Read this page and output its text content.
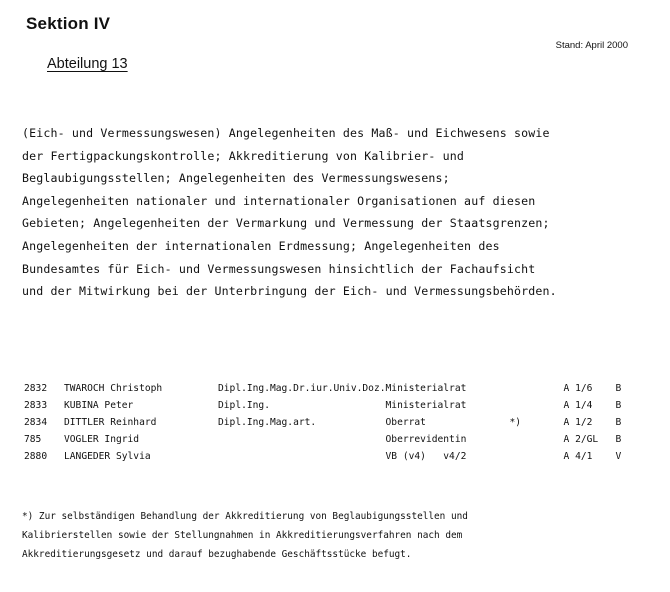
Sektion IV
Stand: April 2000
Abteilung 13
(Eich- und Vermessungswesen) Angelegenheiten des Maß- und Eichwesens sowie
der Fertigpackungskontrolle; Akkreditierung von Kalibrier- und
Beglaubigungsstellen; Angelegenheiten des Vermessungswesens;
Angelegenheiten nationaler und internationaler Organisationen auf diesen
Gebieten; Angelegenheiten der Vermarkung und Vermessung der Staatsgrenzen;
Angelegenheiten der internationalen Erdmessung; Angelegenheiten des
Bundesamtes für Eich- und Vermessungswesen hinsichtlich der Fachaufsicht
und der Mitwirkung bei der Unterbringung der Eich- und Vermessungsbehörden.
2832	TWAROCH Christoph	Dipl.Ing.Mag.Dr.iur.Univ.Doz.	Ministerialrat		A 1/6	B
2833	KUBINA Peter	Dipl.Ing.	Ministerialrat		A 1/4	B
2834	DITTLER Reinhard	Dipl.Ing.Mag.art.	Oberrat	*)	A 1/2	B
785	VOGLER Ingrid		Oberrevidentin		A 2/GL	B
2880	LANGEDER Sylvia		VB (v4)   v4/2		A 4/1	V
*) Zur selbständigen Behandlung der Akkreditierung von Beglaubigungsstellen und
Kalibrierstellen sowie der Stellungnahmen in Akkreditierungsverfahren nach dem
Akkreditierungsgesetz und darauf bezughabende Geschäftsstücke befugt.
